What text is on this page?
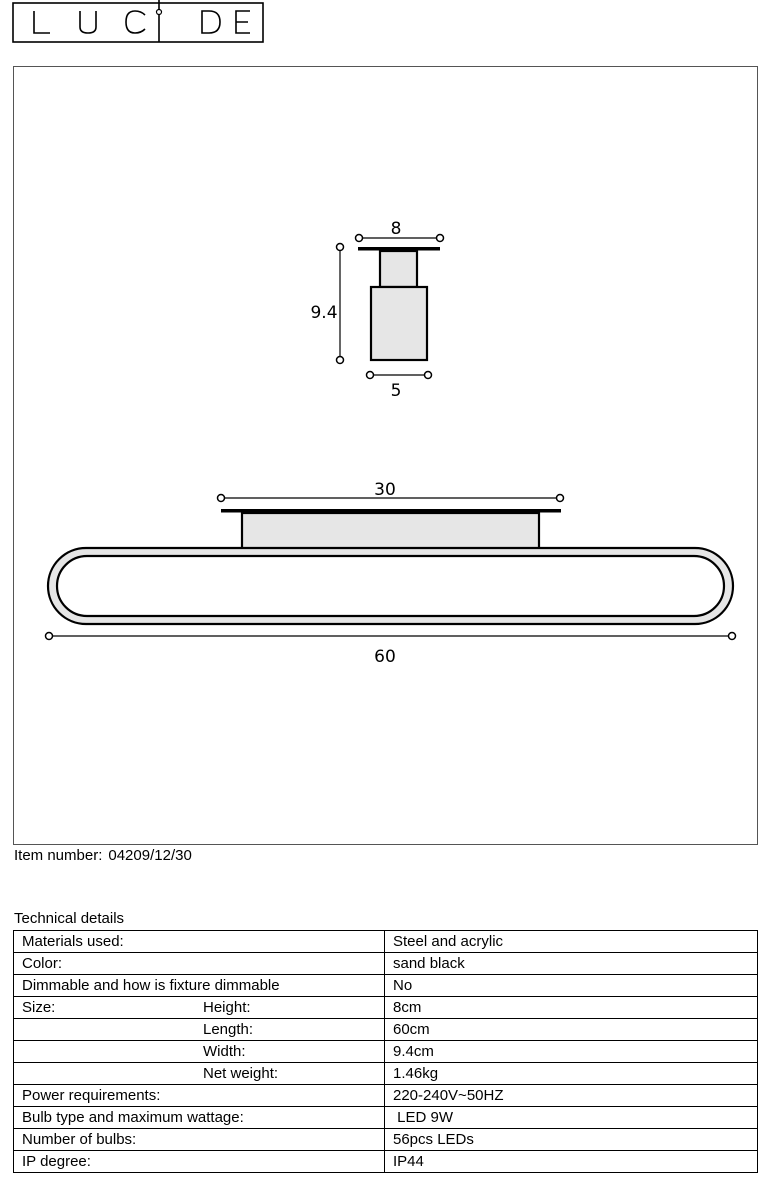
8
9.4
5
30
60
Item number: 04209/12/30
Technical details
Materials used:	Steel and acrylic
Color:	sand black
Dimmable and how is fixture dimmable	No
Size: Height:	8cm
Length:	60cm
Width:	9.4cm
Net weight:	1.46kg
Power requirements:	220-240V~50HZ
Bulb type and maximum wattage:	LED 9W
Number of bulbs:	56pcs LEDs
IP degree:	IP44
